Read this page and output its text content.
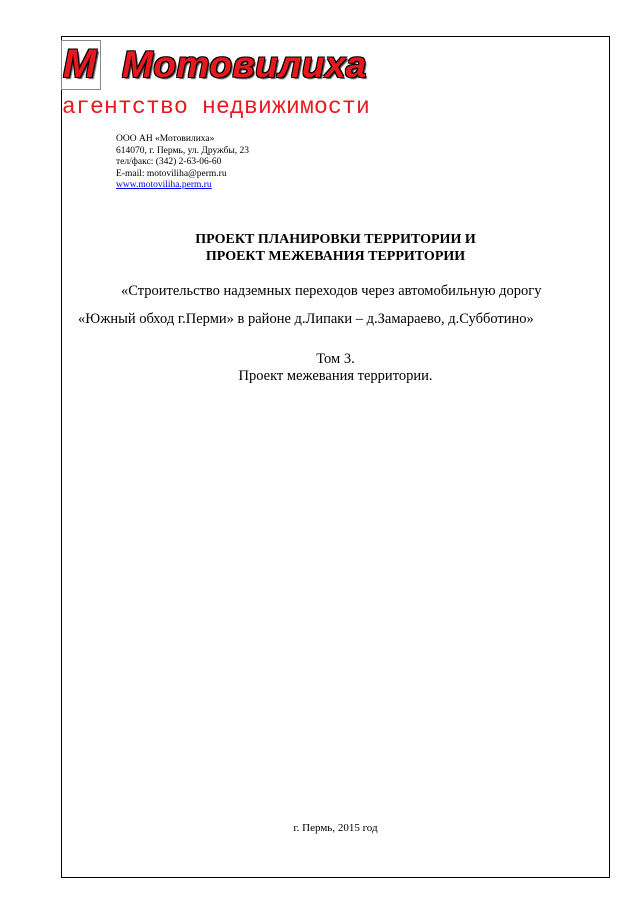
М Мотовилиха
агентство недвижимости
ООО АН «Мотовилиха»
614070, г. Пермь, ул. Дружбы, 23
тел/факс: (342) 2-63-06-60
E-mail: motoviliha@perm.ru
www.motoviliha.perm.ru
ПРОЕКТ ПЛАНИРОВКИ ТЕРРИТОРИИ И
ПРОЕКТ МЕЖЕВАНИЯ ТЕРРИТОРИИ
«Строительство надземных переходов через автомобильную дорогу
«Южный обход г.Перми» в районе д.Липаки – д.Замараево, д.Субботино»
Том 3.
Проект межевания территории.
г. Пермь, 2015 год
